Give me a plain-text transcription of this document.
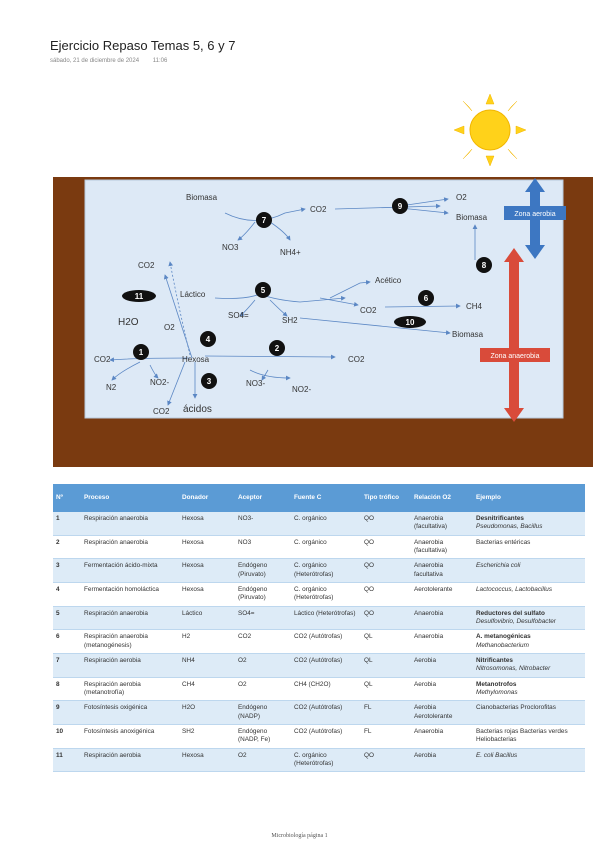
Ejercicio Repaso Temas 5, 6 y 7
sábado, 21 de diciembre de 2024 11:06
Zona aerobia
Zona anaerobia
Biomasa
CO2
NO3
NH4+
O2
Biomasa
CO2
Láctico
Acético
H2O	O2
SO4=
SH2
CO2	CH4
Biomasa
CO2	Hexosa	CO2
N2
NO2-	NO3-
NO2-
CO2 ácidos
7
9
8
5
11	6
10
4
1	2
3
Nº	Proceso	Donador	Aceptor	Fuente C	Tipo trófico	Relación O2	Ejemplo
1	Respiración anaerobia	Hexosa	NO3-	C. orgánico	QO	Anaerobia (facultativa)	Desnitrificantes
Pseudomonas, Bacillus

2	Respiración anaerobia	Hexosa	NO3	C. orgánico	QO	Anaerobia (facultativa)	Bacterias entéricas

3	Fermentación ácido-mixta	Hexosa	Endógeno (Piruvato)	C. orgánico (Heterótrofas)	QO	Anaerobia facultativa	Escherichia coli

4	Fermentación homoláctica	Hexosa	Endógeno (Piruvato)	C. orgánico (Heterótrofas)	QO	Aerotolerante	Lactococcus, Lactobacillus

5	Respiración anaerobia	Láctico	SO4=	Láctico (Heterótrofas)	QO	Anaerobia	Reductores del sulfato
Desulfovibrio, Desulfobacter

6	Respiración anaerobia (metanogénesis)	H2	CO2	CO2 (Autótrofas)	QL	Anaerobia	A. metanogénicas
Methanobacterium

7	Respiración aerobia	NH4	O2	CO2 (Autótrofas)	QL	Aerobia	Nitrificantes
Nitrosomonas, Nitrobacter

8	Respiración aerobia (metanotrofía)	CH4	O2	CH4 (CH2O)	QL	Aerobia	Metanotrofos
Methylomonas

9	Fotosíntesis oxigénica	H2O	Endógeno (NADP)	CO2 (Autótrofas)	FL	Aerobia Aerotolerante	Cianobacterias Proclorofitas

10	Fotosíntesis anoxigénica	SH2	Endógeno (NADP, Fe)	CO2 (Autótrofas)	FL	Anaerobia	Bacterias rojas Bacterias verdes Heliobacterias

11	Respiración aerobia	Hexosa	O2	C. orgánico (Heterótrofas)	QO	Aerobia	E. coli Bacillus
Microbiología página 1
